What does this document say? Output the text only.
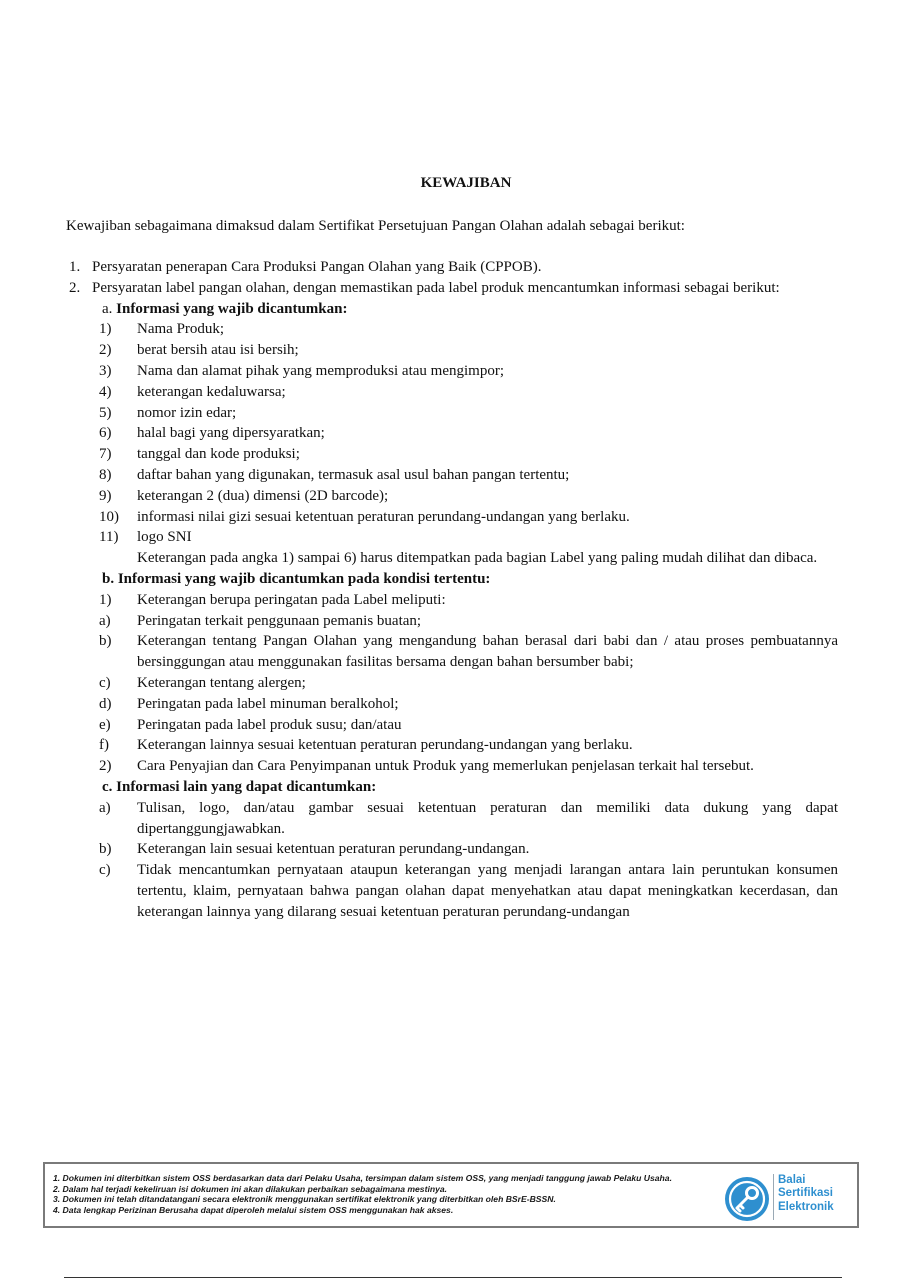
KEWAJIBAN
Kewajiban sebagaimana dimaksud dalam Sertifikat Persetujuan Pangan Olahan adalah sebagai berikut:
1. Persyaratan penerapan Cara Produksi Pangan Olahan yang Baik (CPPOB).
2. Persyaratan label pangan olahan, dengan memastikan pada label produk mencantumkan informasi sebagai berikut:
a. Informasi yang wajib dicantumkan:
1) Nama Produk;
2) berat bersih atau isi bersih;
3) Nama dan alamat pihak yang memproduksi atau mengimpor;
4) keterangan kedaluwarsa;
5) nomor izin edar;
6) halal bagi yang dipersyaratkan;
7) tanggal dan kode produksi;
8) daftar bahan yang digunakan, termasuk asal usul bahan pangan tertentu;
9) keterangan 2 (dua) dimensi (2D barcode);
10) informasi nilai gizi sesuai ketentuan peraturan perundang-undangan yang berlaku.
11) logo SNI
Keterangan pada angka 1) sampai 6) harus ditempatkan pada bagian Label yang paling mudah dilihat dan dibaca.
b. Informasi yang wajib dicantumkan pada kondisi tertentu:
1) Keterangan berupa peringatan pada Label meliputi:
a) Peringatan terkait penggunaan pemanis buatan;
b) Keterangan tentang Pangan Olahan yang mengandung bahan berasal dari babi dan / atau proses pembuatannya bersinggungan atau menggunakan fasilitas bersama dengan bahan bersumber babi;
c) Keterangan tentang alergen;
d) Peringatan pada label minuman beralkohol;
e) Peringatan pada label produk susu; dan/atau
f) Keterangan lainnya sesuai ketentuan peraturan perundang-undangan yang berlaku.
2) Cara Penyajian dan Cara Penyimpanan untuk Produk yang memerlukan penjelasan terkait hal tersebut.
c. Informasi lain yang dapat dicantumkan:
a) Tulisan, logo, dan/atau gambar sesuai ketentuan peraturan dan memiliki data dukung yang dapat dipertanggungjawabkan.
b) Keterangan lain sesuai ketentuan peraturan perundang-undangan.
c) Tidak mencantumkan pernyataan ataupun keterangan yang menjadi larangan antara lain peruntukan konsumen tertentu, klaim, pernyataan bahwa pangan olahan dapat menyehatkan atau dapat meningkatkan kecerdasan, dan keterangan lainnya yang dilarang sesuai ketentuan peraturan perundang-undangan
1. Dokumen ini diterbitkan sistem OSS berdasarkan data dari Pelaku Usaha, tersimpan dalam sistem OSS, yang menjadi tanggung jawab Pelaku Usaha.
2. Dalam hal terjadi kekeliruan isi dokumen ini akan dilakukan perbaikan sebagaimana mestinya.
3. Dokumen ini telah ditandatangani secara elektronik menggunakan sertifikat elektronik yang diterbitkan oleh BSrE-BSSN.
4. Data lengkap Perizinan Berusaha dapat diperoleh melalui sistem OSS menggunakan hak akses.
Balai
Sertifikasi
Elektronik
